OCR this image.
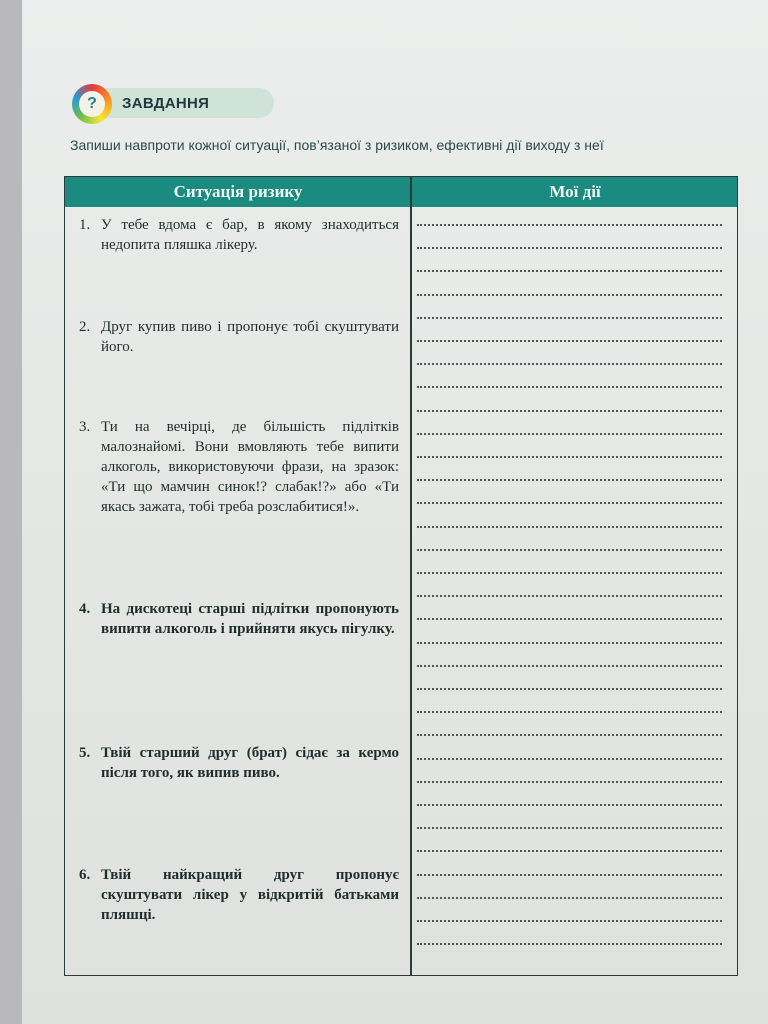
?	ЗАВДАННЯ
Запиши навпроти кожної ситуації, пов’язаної з ризиком, ефективні дії виходу з неї
Ситуація ризику	Мої дії
1. У тебе вдома є бар, в якому знаходиться недопита пляшка лікеру.
2. Друг купив пиво і пропонує тобі скуштувати його.
3. Ти на вечірці, де більшість підлітків малознайомі. Вони вмовляють тебе випити алкоголь, використовуючи фрази, на зразок: «Ти що мамчин синок!? слабак!?» або «Ти якась зажата, тобі треба розслабитися!».
4. На дискотеці старші підлітки пропонують випити алкоголь і прийняти якусь пігулку.
5. Твій старший друг (брат) сідає за кермо після того, як випив пиво.
6. Твій найкращий друг пропонує скуштувати лікер у відкритій батьками пляшці.
